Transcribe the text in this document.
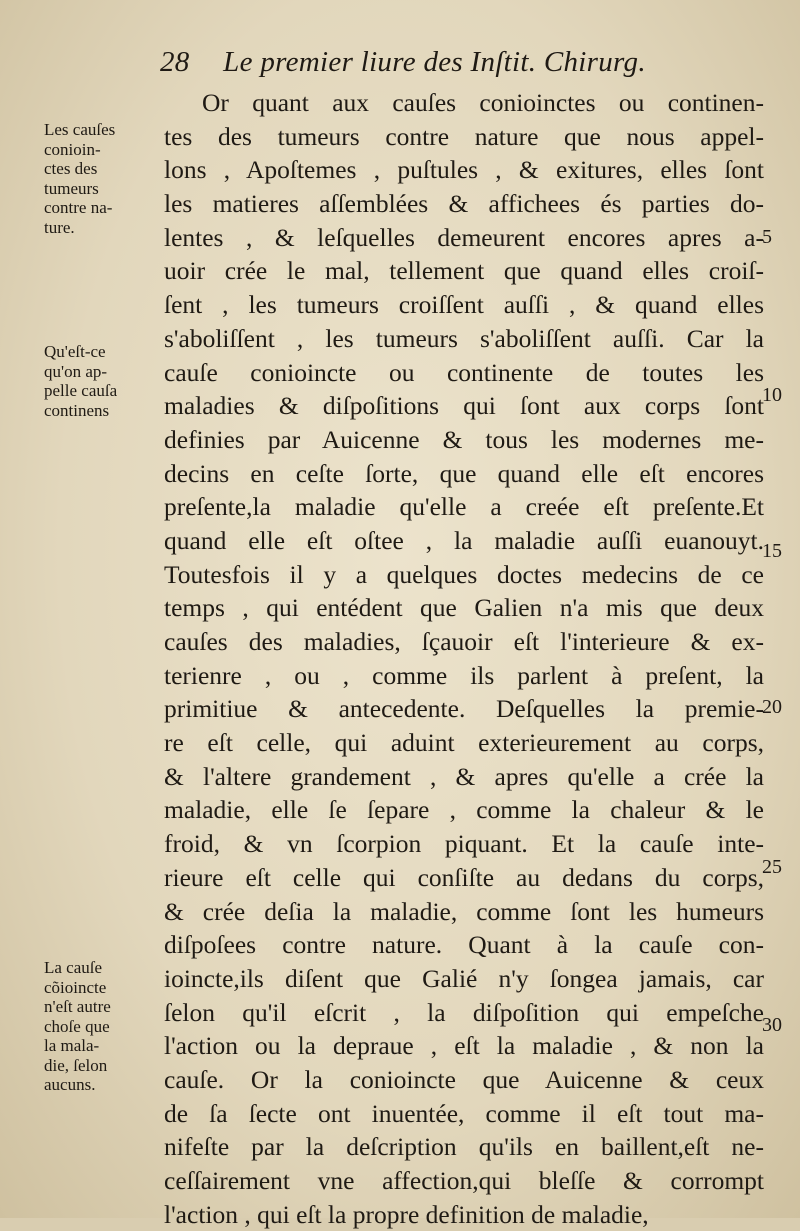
28 Le premier liure des Inſtit. Chirurg.
Or quant aux cauſes conioinctes ou continen-
tes des tumeurs contre nature que nous appel-
lons , Apoſtemes , puſtules , & exitures, elles ſont
les matieres aſſemblées & affichees és parties do-
lentes , & leſquelles demeurent encores apres a-
uoir crée le mal, tellement que quand elles croiſ-
ſent , les tumeurs croiſſent auſſi , & quand elles
s'aboliſſent , les tumeurs s'aboliſſent auſſi. Car la
cauſe conioincte ou continente de toutes les
maladies & diſpoſitions qui ſont aux corps ſont
definies par Auicenne & tous les modernes me-
decins en ceſte ſorte, que quand elle eſt encores
preſente,la maladie qu'elle a creée eſt preſente.Et
quand elle eſt oſtee , la maladie auſſi euanouyt.
Toutesfois il y a quelques doctes medecins de ce
temps , qui entédent que Galien n'a mis que deux
cauſes des maladies, ſçauoir eſt l'interieure & ex-
terienre , ou , comme ils parlent à preſent, la
primitiue & antecedente. Deſquelles la premie-
re eſt celle, qui aduint exterieurement au corps,
& l'altere grandement , & apres qu'elle a crée la
maladie, elle ſe ſepare , comme la chaleur & le
froid, & vn ſcorpion piquant. Et la cauſe inte-
rieure eſt celle qui conſiſte au dedans du corps,
& crée deſia la maladie, comme ſont les humeurs
diſpoſees contre nature. Quant à la cauſe con-
ioincte,ils diſent que Galié n'y ſongea jamais, car
ſelon qu'il eſcrit , la diſpoſition qui empeſche
l'action ou la depraue , eſt la maladie , & non la
cauſe. Or la conioincte que Auicenne & ceux
de ſa ſecte ont inuentée, comme il eſt tout ma-
nifeſte par la deſcription qu'ils en baillent,eſt ne-
ceſſairement vne affection,qui bleſſe & corrompt
l'action , qui eſt la propre definition de maladie,
Les cauſes
conioin-
ctes des
tumeurs
contre na-
ture.
Qu'eſt-ce
qu'on ap-
pelle cauſa
continens
La cauſe
cõioincte
n'eſt autre
choſe que
la mala-
die, ſelon
aucuns.
5
10
15
20
25
30
